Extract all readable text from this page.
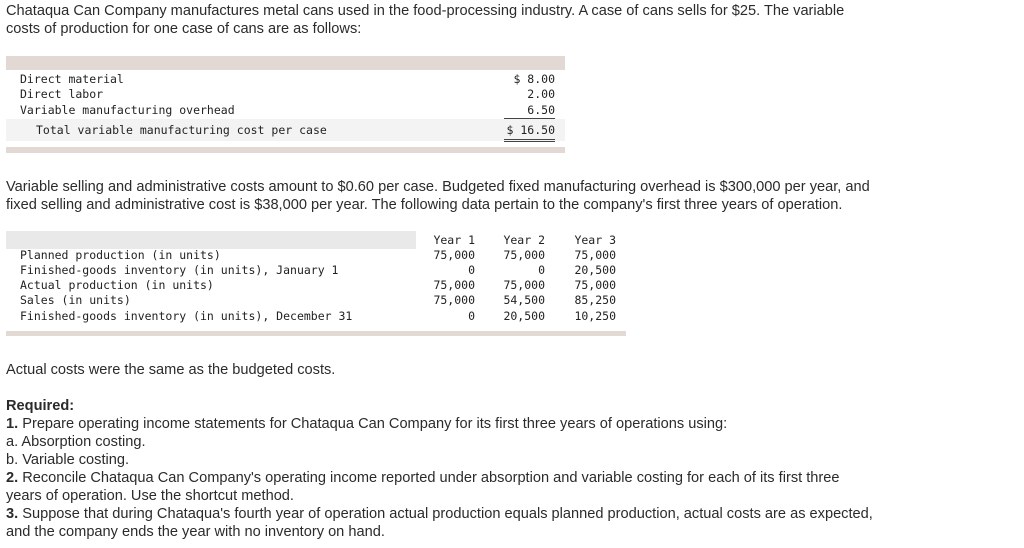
Chataqua Can Company manufactures metal cans used in the food-processing industry. A case of cans sells for $25. The variable
costs of production for one case of cans are as follows:

Direct material	$ 8.00
Direct labor	2.00
Variable manufacturing overhead	6.50
Total variable manufacturing cost per case	$ 16.50

Variable selling and administrative costs amount to $0.60 per case. Budgeted fixed manufacturing overhead is $300,000 per year, and
fixed selling and administrative cost is $38,000 per year. The following data pertain to the company's first three years of operation.

Year 1 Year 2	Year 3
Planned production (in units)	75,000 75,000	75,000
Finished-goods inventory (in units), January 1	0	0	20,500
Actual production (in units)	75,000 75,000	75,000
Sales (in units)	75,000 54,500	85,250
Finished-goods inventory (in units), December 31	0 20,500	10,250

Actual costs were the same as the budgeted costs.

Required:
1. Prepare operating income statements for Chataqua Can Company for its first three years of operations using:
a. Absorption costing.
b. Variable costing.
2. Reconcile Chataqua Can Company's operating income reported under absorption and variable costing for each of its first three
years of operation. Use the shortcut method.
3. Suppose that during Chataqua's fourth year of operation actual production equals planned production, actual costs are as expected,
and the company ends the year with no inventory on hand.
